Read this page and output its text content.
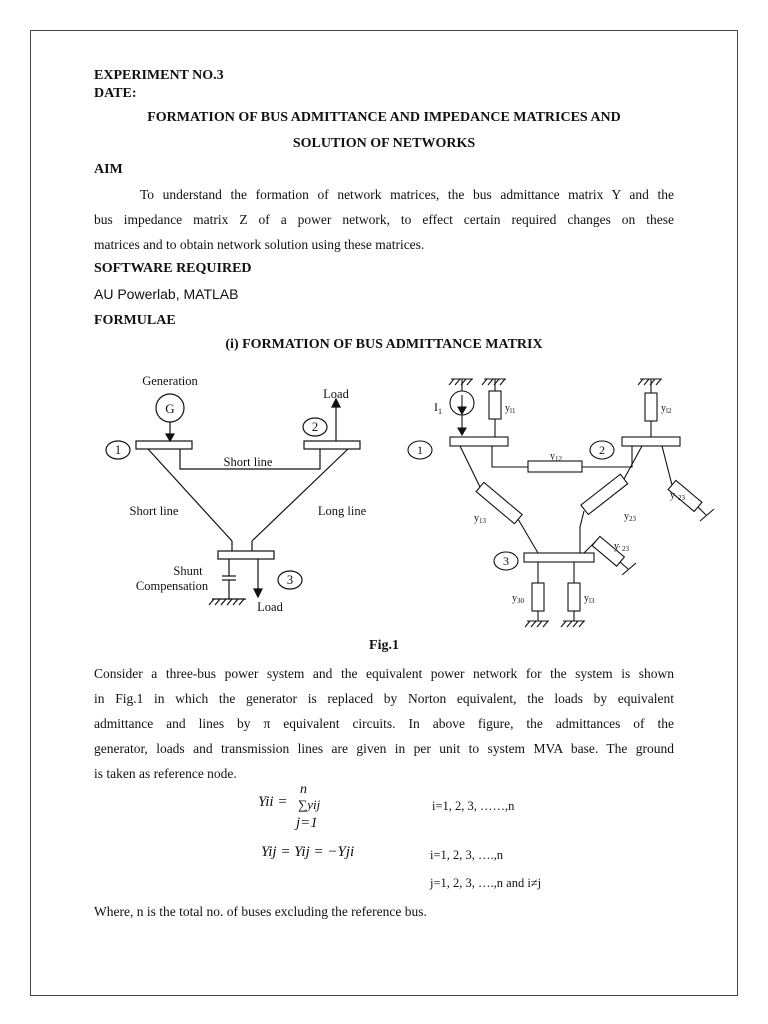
EXPERIMENT NO.3
DATE:
FORMATION OF BUS ADMITTANCE AND IMPEDANCE MATRICES AND
SOLUTION OF NETWORKS
AIM
To understand the formation of network matrices, the bus admittance matrix Y and the
bus impedance matrix Z of a power network, to effect certain required changes on these
matrices and to obtain network solution using these matrices.
SOFTWARE REQUIRED
AU Powerlab, MATLAB
FORMULAE
(i) FORMATION OF BUS ADMITTANCE MATRIX
Generation
G
Load
1
2
3
Short line
Short line	Long line
Shunt
Compensation
Load
$I_1$	$y_{l1}$	$y_{l2}$
1	2
3
$y_{12}$
$y_{13}$	$y_{23}$
$y_{' 23}$
$y_{' 23}$
$y_{30}$	$y_{l3}$
Fig.1
Consider a three-bus power system and the equivalent power network for the system is shown
in Fig.1 in which the generator is replaced by Norton equivalent, the loads by equivalent
admittance and lines by π equivalent circuits. In above figure, the admittances of the
generator, loads and transmission lines are given in per unit to system MVA base. The ground
is taken as reference node.
Yii =
n
∑yij
j=1
i=1, 2, 3, ……,n
Yij = Yij = −Yji	i=1, 2, 3, ….,n
j=1, 2, 3, ….,n and i≠j
Where, n is the total no. of buses excluding the reference bus.
